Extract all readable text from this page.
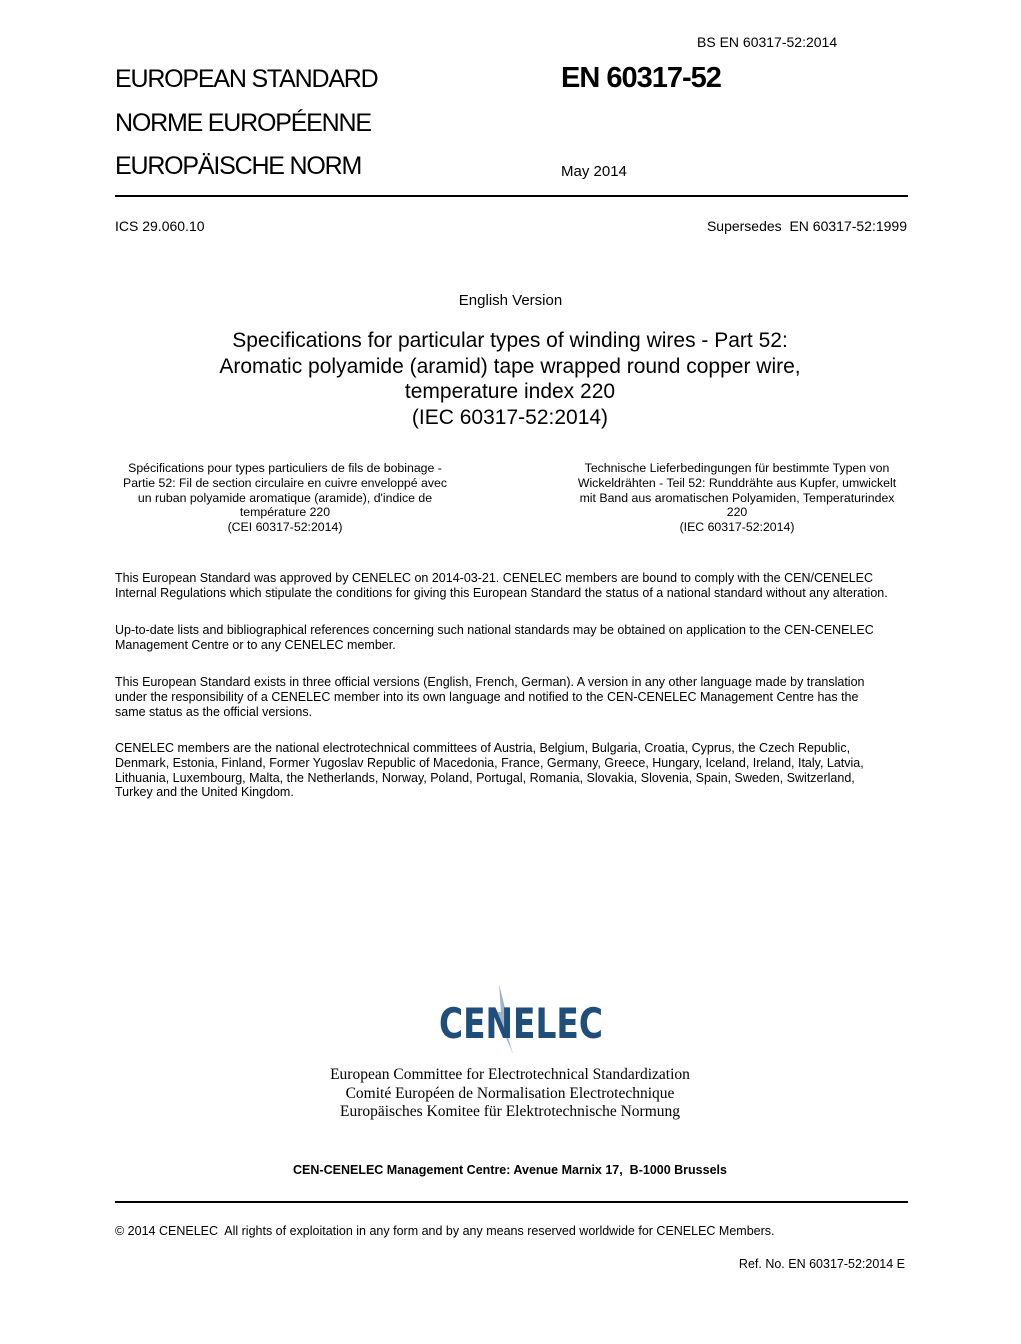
BS EN 60317-52:2014
EUROPEAN STANDARD
NORME EUROPÉENNE
EUROPÄISCHE NORM
EN 60317-52
May 2014
ICS 29.060.10	Supersedes  EN 60317-52:1999
English Version
Specifications for particular types of winding wires - Part 52:
Aromatic polyamide (aramid) tape wrapped round copper wire,
temperature index 220
(IEC 60317-52:2014)
Spécifications pour types particuliers de fils de bobinage -
Partie 52: Fil de section circulaire en cuivre enveloppé avec
un ruban polyamide aromatique (aramide), d'indice de
température 220
(CEI 60317-52:2014)
Technische Lieferbedingungen für bestimmte Typen von
Wickeldrähten - Teil 52: Runddrähte aus Kupfer, umwickelt
mit Band aus aromatischen Polyamiden, Temperaturindex
220
(IEC 60317-52:2014)
This European Standard was approved by CENELEC on 2014-03-21. CENELEC members are bound to comply with the CEN/CENELEC
Internal Regulations which stipulate the conditions for giving this European Standard the status of a national standard without any alteration.
Up-to-date lists and bibliographical references concerning such national standards may be obtained on application to the CEN-CENELEC
Management Centre or to any CENELEC member.
This European Standard exists in three official versions (English, French, German). A version in any other language made by translation
under the responsibility of a CENELEC member into its own language and notified to the CEN-CENELEC Management Centre has the
same status as the official versions.
CENELEC members are the national electrotechnical committees of Austria, Belgium, Bulgaria, Croatia, Cyprus, the Czech Republic,
Denmark, Estonia, Finland, Former Yugoslav Republic of Macedonia, France, Germany, Greece, Hungary, Iceland, Ireland, Italy, Latvia,
Lithuania, Luxembourg, Malta, the Netherlands, Norway, Poland, Portugal, Romania, Slovakia, Slovenia, Spain, Sweden, Switzerland,
Turkey and the United Kingdom.
CENELEC
European Committee for Electrotechnical Standardization
Comité Européen de Normalisation Electrotechnique
Europäisches Komitee für Elektrotechnische Normung
CEN-CENELEC Management Centre: Avenue Marnix 17,  B-1000 Brussels
© 2014 CENELEC  All rights of exploitation in any form and by any means reserved worldwide for CENELEC Members.
Ref. No. EN 60317-52:2014 E
